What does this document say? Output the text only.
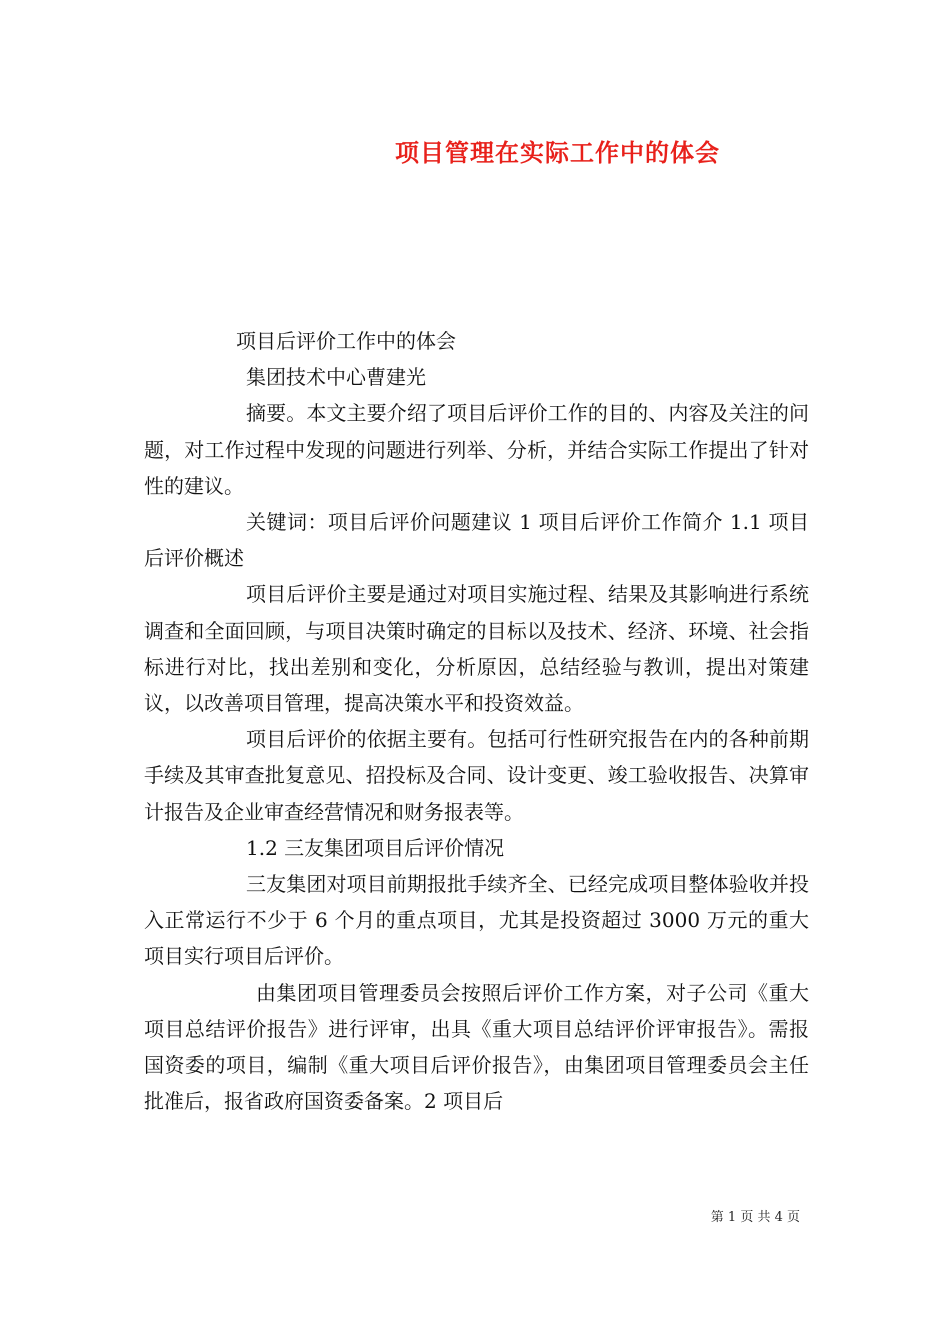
项目管理在实际工作中的体会

项目后评价工作中的体会

集团技术中心曹建光

摘要。本文主要介绍了项目后评价工作的目的、内容及关注的问题，对工作过程中发现的问题进行列举、分析，并结合实际工作提出了针对性的建议。

关键词：项目后评价问题建议 1 项目后评价工作简介 1.1 项目后评价概述

项目后评价主要是通过对项目实施过程、结果及其影响进行系统调查和全面回顾，与项目决策时确定的目标以及技术、经济、环境、社会指标进行对比，找出差别和变化，分析原因，总结经验与教训，提出对策建议，以改善项目管理，提高决策水平和投资效益。

项目后评价的依据主要有。包括可行性研究报告在内的各种前期手续及其审查批复意见、招投标及合同、设计变更、竣工验收报告、决算审计报告及企业审查经营情况和财务报表等。

1.2 三友集团项目后评价情况

三友集团对项目前期报批手续齐全、已经完成项目整体验收并投入正常运行不少于 6 个月的重点项目，尤其是投资超过 3000 万元的重大项目实行项目后评价。

由集团项目管理委员会按照后评价工作方案，对子公司《重大项目总结评价报告》进行评审，出具《重大项目总结评价评审报告》。需报国资委的项目，编制《重大项目后评价报告》，由集团项目管理委员会主任批准后，报省政府国资委备案。2 项目后

第 1 页 共 4 页
